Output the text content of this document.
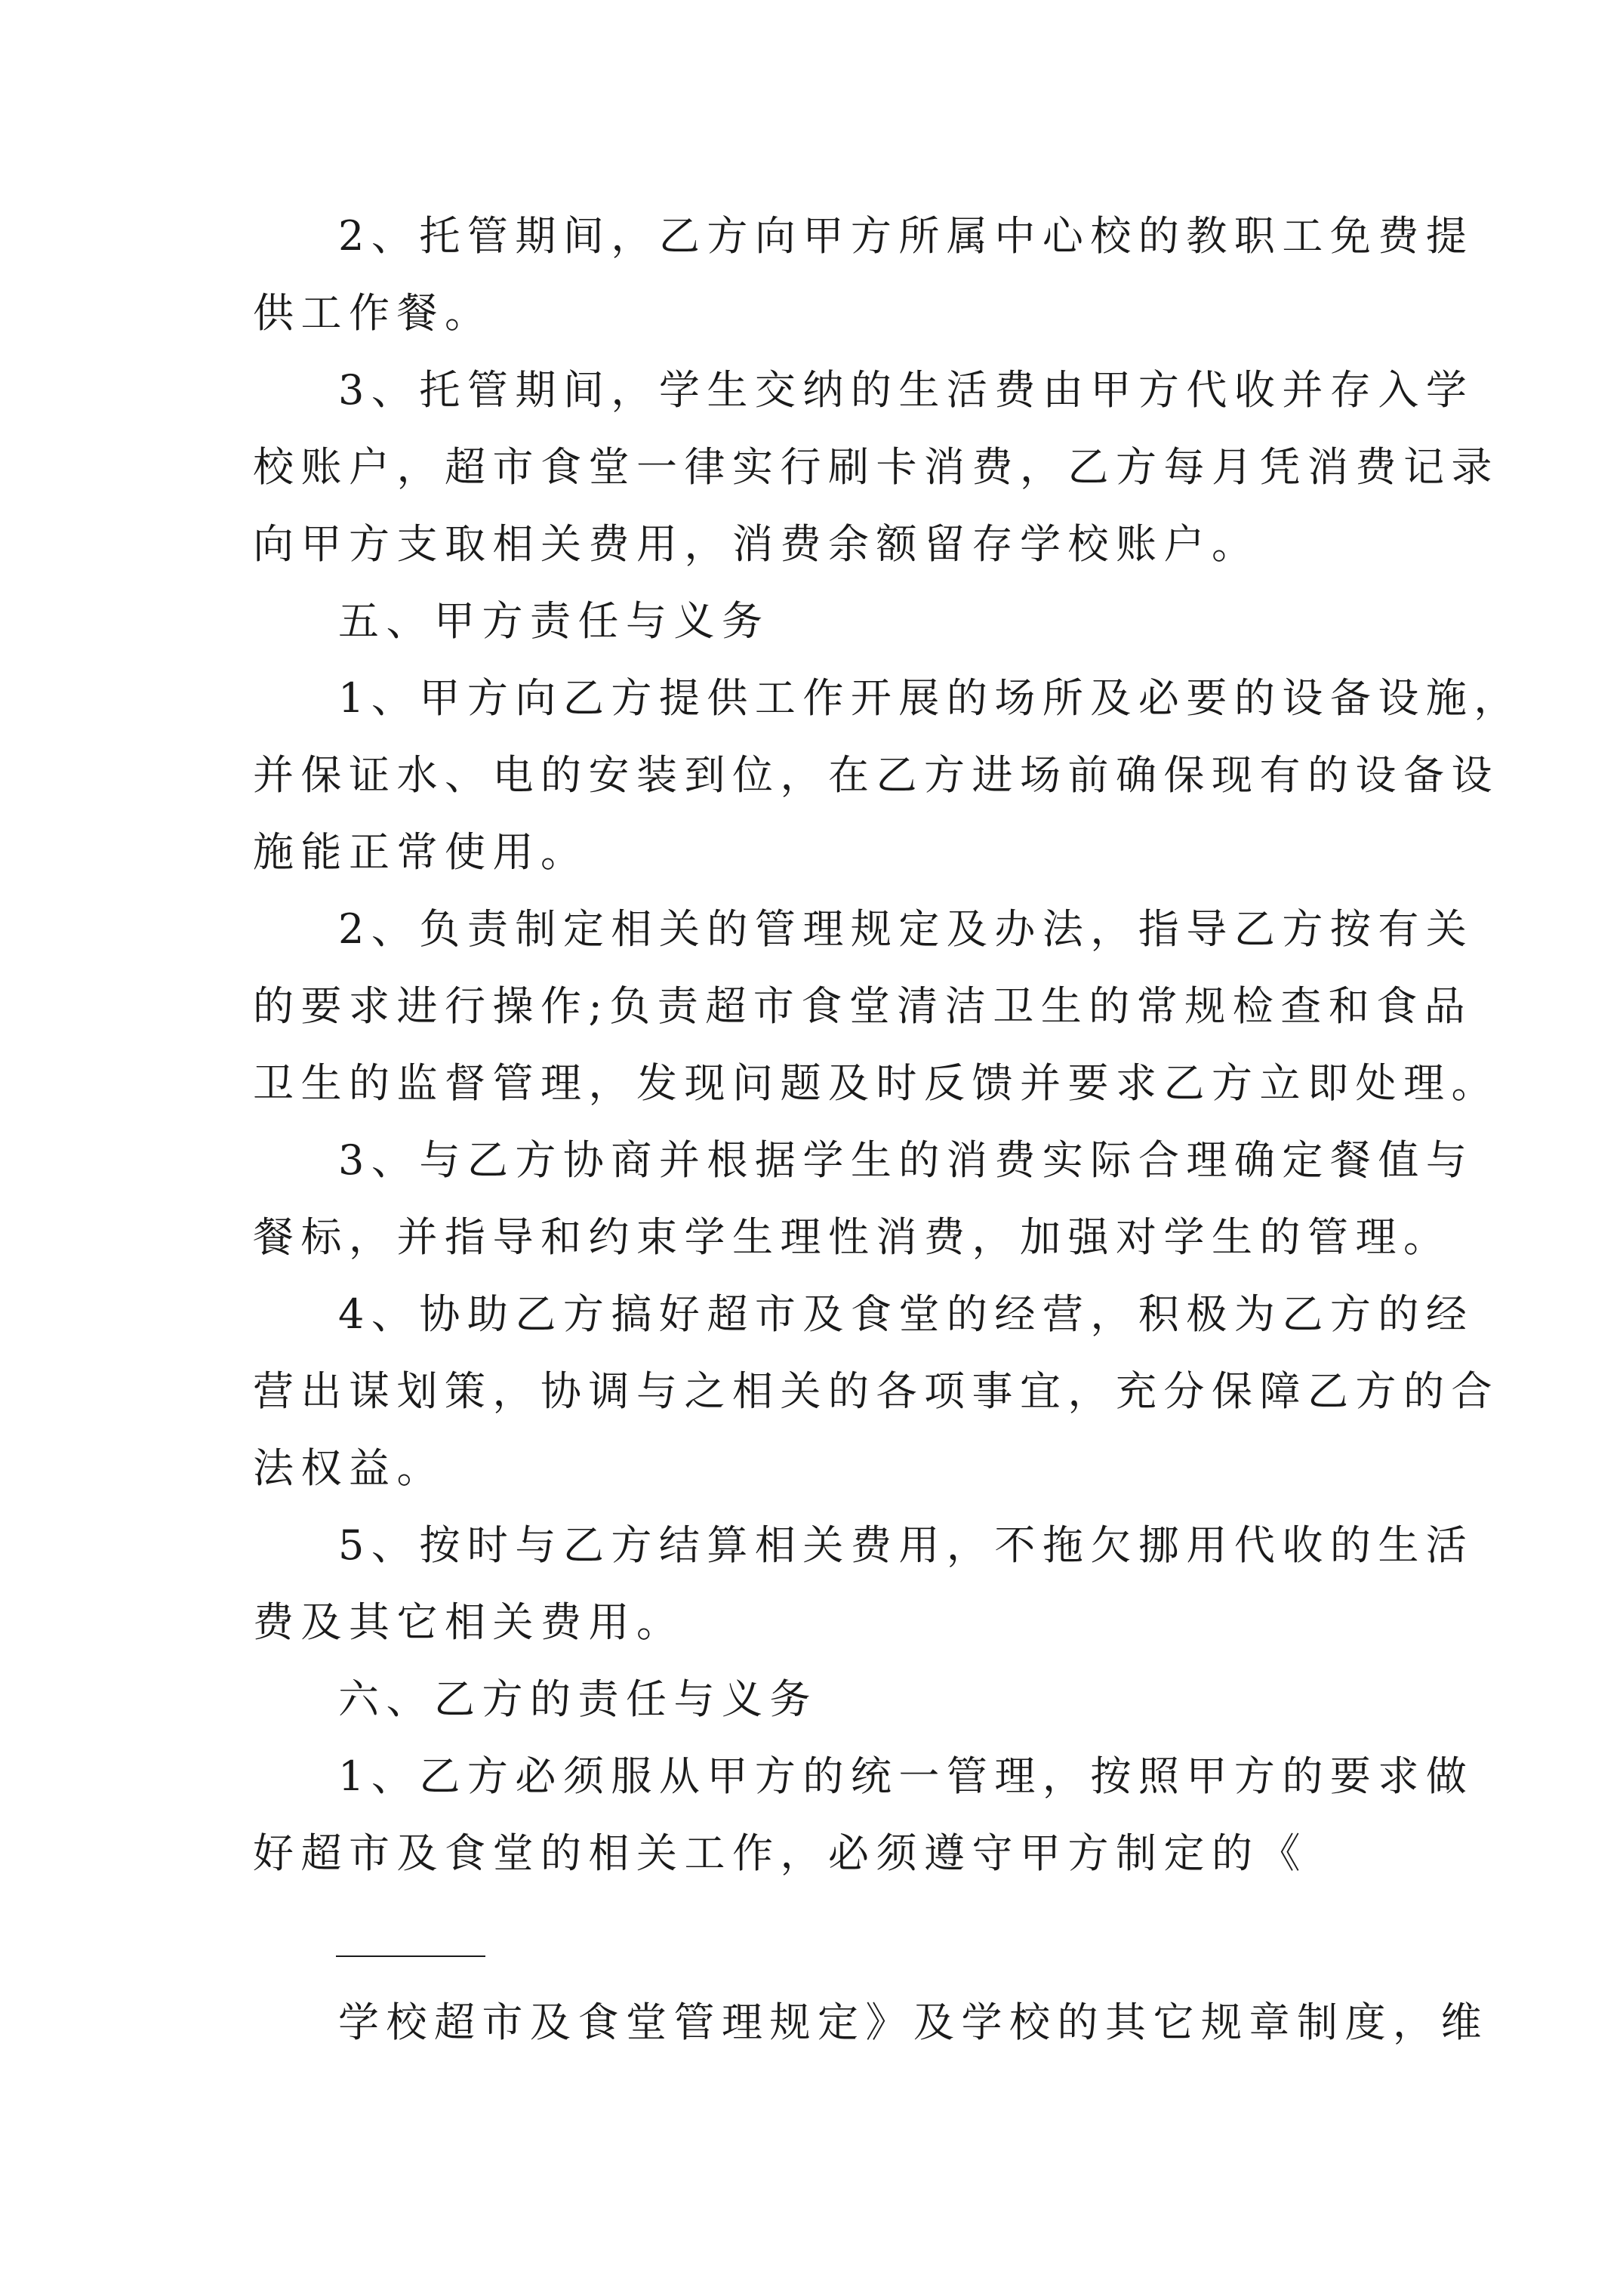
2、托管期间，乙方向甲方所属中心校的教职工免费提
供工作餐。
3、托管期间，学生交纳的生活费由甲方代收并存入学
校账户，超市食堂一律实行刷卡消费，乙方每月凭消费记录
向甲方支取相关费用，消费余额留存学校账户。
五、甲方责任与义务
1、甲方向乙方提供工作开展的场所及必要的设备设施，
并保证水、电的安装到位，在乙方进场前确保现有的设备设
施能正常使用。
2、负责制定相关的管理规定及办法，指导乙方按有关
的要求进行操作;负责超市食堂清洁卫生的常规检查和食品
卫生的监督管理，发现问题及时反馈并要求乙方立即处理。
3、与乙方协商并根据学生的消费实际合理确定餐值与
餐标，并指导和约束学生理性消费，加强对学生的管理。
4、协助乙方搞好超市及食堂的经营，积极为乙方的经
营出谋划策，协调与之相关的各项事宜，充分保障乙方的合
法权益。
5、按时与乙方结算相关费用，不拖欠挪用代收的生活
费及其它相关费用。
六、乙方的责任与义务
1、乙方必须服从甲方的统一管理，按照甲方的要求做
好超市及食堂的相关工作，必须遵守甲方制定的《
学校超市及食堂管理规定》及学校的其它规章制度，维
